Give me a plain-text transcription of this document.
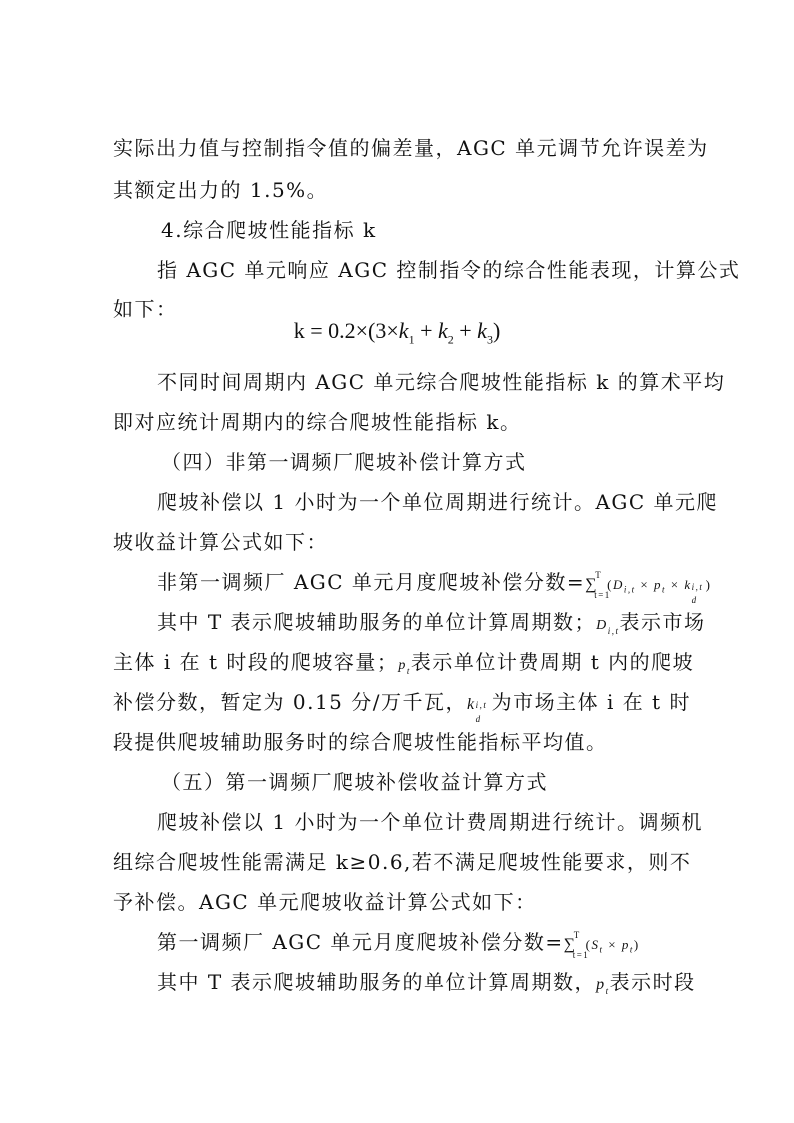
实际出力值与控制指令值的偏差量，AGC 单元调节允许误差为
其额定出力的 1.5%。
4.综合爬坡性能指标 k
指 AGC 单元响应 AGC 控制指令的综合性能表现，计算公式
如下：
$k = 0.2\times(3\times k_1 + k_2 + k_3)$
不同时间周期内 AGC 单元综合爬坡性能指标 k 的算术平均
即对应统计周期内的综合爬坡性能指标 k。
（四）非第一调频厂爬坡补偿计算方式
爬坡补偿以 1 小时为一个单位周期进行统计。AGC 单元爬
坡收益计算公式如下：
非第一调频厂 AGC 单元月度爬坡补偿分数=∑
T
t=1
($D_{i,t} \times p_t \times k$ i,t
d
)
其中 T 表示爬坡辅助服务的单位计算周期数；$D_{i,t}$表示市场
主体 i 在 t 时段的爬坡容量；$p_t$表示单位计费周期 t 内的爬坡
补偿分数，暂定为 0.15 分/万千瓦，k i,t
d
为市场主体 i 在 t 时
段提供爬坡辅助服务时的综合爬坡性能指标平均值。
（五）第一调频厂爬坡补偿收益计算方式
爬坡补偿以 1 小时为一个单位计费周期进行统计。调频机
组综合爬坡性能需满足 k≥0.6,若不满足爬坡性能要求，则不
予补偿。AGC 单元爬坡收益计算公式如下：
第一调频厂 AGC 单元月度爬坡补偿分数=∑
T
t=1
$(S_t \times p_t)$
其中 T 表示爬坡辅助服务的单位计算周期数，$p_t$表示时段
